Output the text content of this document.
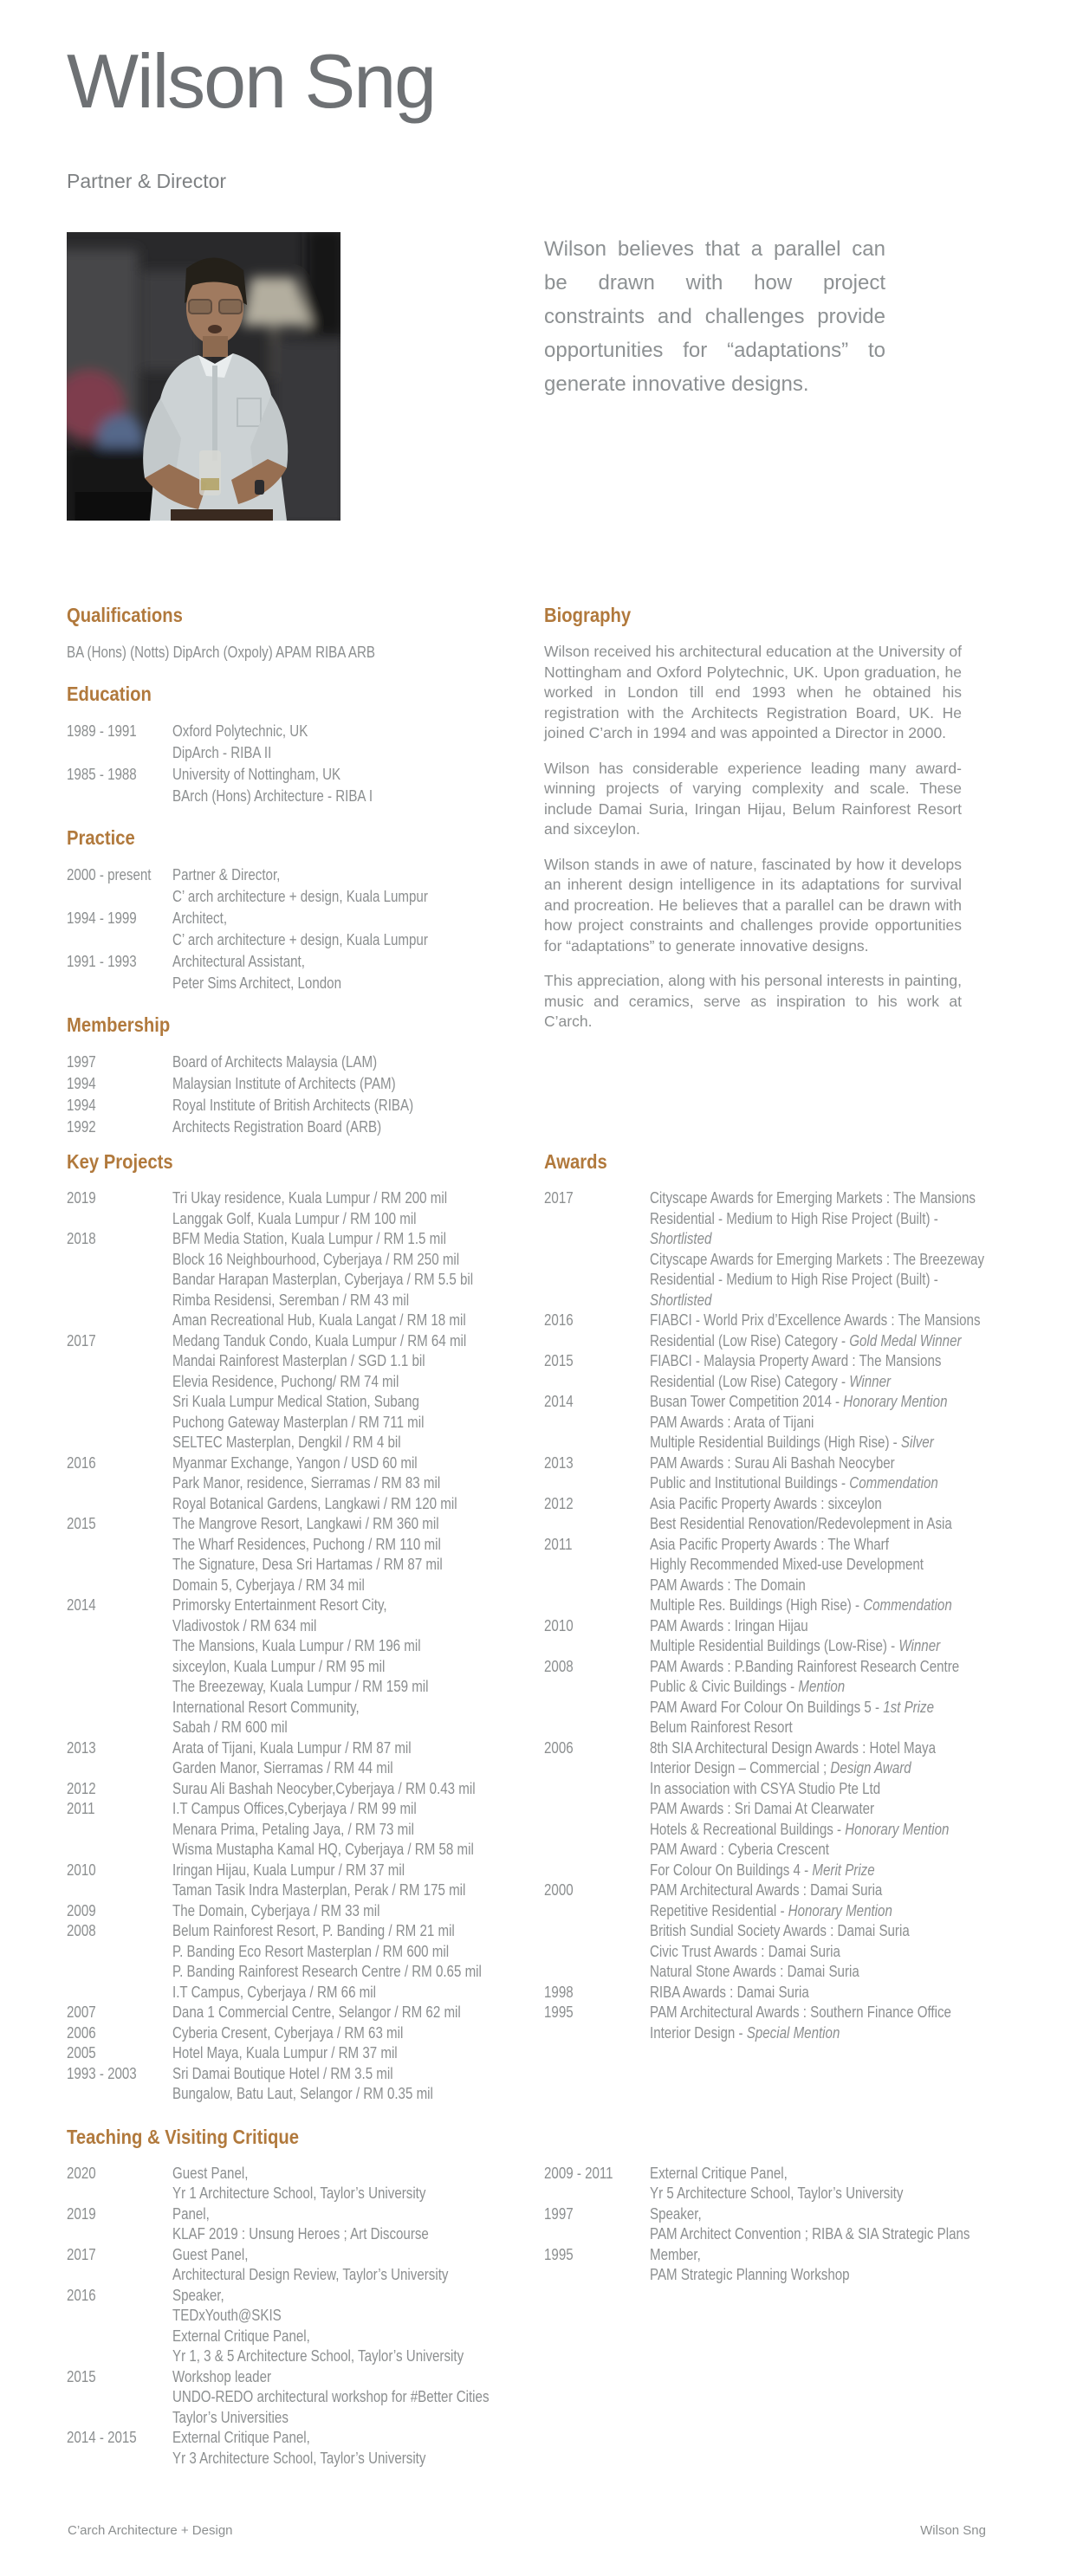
Wilson Sng
Partner & Director

Wilson believes that a parallel can be drawn with how project constraints and challenges provide opportunities for “adaptations” to generate innovative designs.

Qualifications

BA (Hons) (Notts) DipArch (Oxpoly) APAM RIBA ARB

Education
1989 - 1991	Oxford Polytechnic, UK
DipArch - RIBA II
1985 - 1988	University of Nottingham, UK
BArch (Hons) Architecture - RIBA I
Practice
2000 - present	Partner & Director,
C’ arch architecture + design, Kuala Lumpur
1994 - 1999	Architect,
C’ arch architecture + design, Kuala Lumpur
1991 - 1993	Architectural Assistant,
Peter Sims Architect, London
Membership
1997	Board of Architects Malaysia (LAM)
1994	Malaysian Institute of Architects (PAM)
1994	Royal Institute of British Architects (RIBA)
1992	Architects Registration Board (ARB)
Biography

Wilson received his architectural education at the University of Nottingham and Oxford Polytechnic, UK. Upon graduation, he worked in London till end 1993 when he obtained his registration with the Architects Registration Board, UK. He joined C’arch in 1994 and was appointed a Director in 2000.

Wilson has considerable experience leading many award-winning projects of varying complexity and scale. These include Damai Suria, Iringan Hijau, Belum Rainforest Resort and sixceylon.

Wilson stands in awe of nature, fascinated by how it develops an inherent design intelligence in its adaptations for survival and procreation. He believes that a parallel can be drawn with how project constraints and challenges provide opportunities for “adaptations” to generate innovative designs.

This appreciation, along with his personal interests in painting, music and ceramics, serve as inspiration to his work at C’arch.

Key Projects
2019	Tri Ukay residence, Kuala Lumpur / RM 200 mil
Langgak Golf, Kuala Lumpur / RM 100 mil
2018	BFM Media Station, Kuala Lumpur / RM 1.5 mil
Block 16 Neighbourhood, Cyberjaya / RM 250 mil
Bandar Harapan Masterplan, Cyberjaya / RM 5.5 bil
Rimba Residensi, Seremban / RM 43 mil
Aman Recreational Hub, Kuala Langat / RM 18 mil
2017	Medang Tanduk Condo, Kuala Lumpur / RM 64 mil
Mandai Rainforest Masterplan / SGD 1.1 bil
Elevia Residence, Puchong/ RM 74 mil
Sri Kuala Lumpur Medical Station, Subang
Puchong Gateway Masterplan / RM 711 mil
SELTEC Masterplan, Dengkil / RM 4 bil
2016	Myanmar Exchange, Yangon / USD 60 mil
Park Manor, residence, Sierramas / RM 83 mil
Royal Botanical Gardens, Langkawi / RM 120 mil
2015	The Mangrove Resort, Langkawi / RM 360 mil
The Wharf Residences, Puchong / RM 110 mil
The Signature, Desa Sri Hartamas / RM 87 mil
Domain 5, Cyberjaya / RM 34 mil
2014	Primorsky Entertainment Resort City,
Vladivostok / RM 634 mil
The Mansions, Kuala Lumpur / RM 196 mil
sixceylon, Kuala Lumpur / RM 95 mil
The Breezeway, Kuala Lumpur / RM 159 mil
International Resort Community,
Sabah / RM 600 mil
2013	Arata of Tijani, Kuala Lumpur / RM 87 mil
Garden Manor, Sierramas / RM 44 mil
2012	Surau Ali Bashah Neocyber,Cyberjaya / RM 0.43 mil
2011	I.T Campus Offices,Cyberjaya / RM 99 mil
Menara Prima, Petaling Jaya, / RM 73 mil
Wisma Mustapha Kamal HQ, Cyberjaya / RM 58 mil
2010	Iringan Hijau, Kuala Lumpur / RM 37 mil
Taman Tasik Indra Masterplan, Perak / RM 175 mil
2009	The Domain, Cyberjaya / RM 33 mil
2008	Belum Rainforest Resort, P. Banding / RM 21 mil
P. Banding Eco Resort Masterplan / RM 600 mil
P. Banding Rainforest Research Centre / RM 0.65 mil
I.T Campus, Cyberjaya / RM 66 mil
2007	Dana 1 Commercial Centre, Selangor / RM 62 mil
2006	Cyberia Cresent, Cyberjaya / RM 63 mil
2005	Hotel Maya, Kuala Lumpur / RM 37 mil
1993 - 2003	Sri Damai Boutique Hotel / RM 3.5 mil
Bungalow, Batu Laut, Selangor / RM 0.35 mil
Awards
2017	Cityscape Awards for Emerging Markets : The Mansions
Residential - Medium to High Rise Project (Built) -
Shortlisted
Cityscape Awards for Emerging Markets : The Breezeway
Residential - Medium to High Rise Project (Built) -
Shortlisted
2016	FIABCI - World Prix d’Excellence Awards : The Mansions
Residential (Low Rise) Category - Gold Medal Winner
2015	FIABCI - Malaysia Property Award : The Mansions
Residential (Low Rise) Category - Winner
2014	Busan Tower Competition 2014 - Honorary Mention
PAM Awards : Arata of Tijani
Multiple Residential Buildings (High Rise) - Silver
2013	PAM Awards : Surau Ali Bashah Neocyber
Public and Institutional Buildings - Commendation
2012	Asia Pacific Property Awards : sixceylon
Best Residential Renovation/Redevolepment in Asia
2011	Asia Pacific Property Awards : The Wharf
Highly Recommended Mixed-use Development
PAM Awards : The Domain
Multiple Res. Buildings (High Rise) - Commendation
2010	PAM Awards : Iringan Hijau
Multiple Residential Buildings (Low-Rise) - Winner
2008	PAM Awards : P.Banding Rainforest Research Centre
Public & Civic Buildings - Mention
PAM Award For Colour On Buildings 5 - 1st Prize
Belum Rainforest Resort
2006	8th SIA Architectural Design Awards : Hotel Maya
Interior Design – Commercial ; Design Award
In association with CSYA Studio Pte Ltd
PAM Awards : Sri Damai At Clearwater
Hotels & Recreational Buildings - Honorary Mention
PAM Award : Cyberia Crescent
For Colour On Buildings 4 - Merit Prize
2000	PAM Architectural Awards : Damai Suria
Repetitive Residential - Honorary Mention
British Sundial Society Awards : Damai Suria
Civic Trust Awards : Damai Suria
Natural Stone Awards : Damai Suria
1998	RIBA Awards : Damai Suria
1995	PAM Architectural Awards : Southern Finance Office
Interior Design - Special Mention
Teaching & Visiting Critique
2020	Guest Panel,
Yr 1 Architecture School, Taylor’s University
2019	Panel,
KLAF 2019 : Unsung Heroes ; Art Discourse
2017	Guest Panel,
Architectural Design Review, Taylor’s University
2016	Speaker,
TEDxYouth@SKIS
External Critique Panel,
Yr 1, 3 & 5 Architecture School, Taylor’s University
2015	Workshop leader
UNDO-REDO architectural workshop for #Better Cities
Taylor’s Universities
2014 - 2015	External Critique Panel,
Yr 3 Architecture School, Taylor’s University
2009 - 2011	External Critique Panel,
Yr 5 Architecture School, Taylor’s University
1997	Speaker,
PAM Architect Convention ; RIBA & SIA Strategic Plans
1995	Member,
PAM Strategic Planning Workshop
C’arch Architecture + Design	Wilson Sng
